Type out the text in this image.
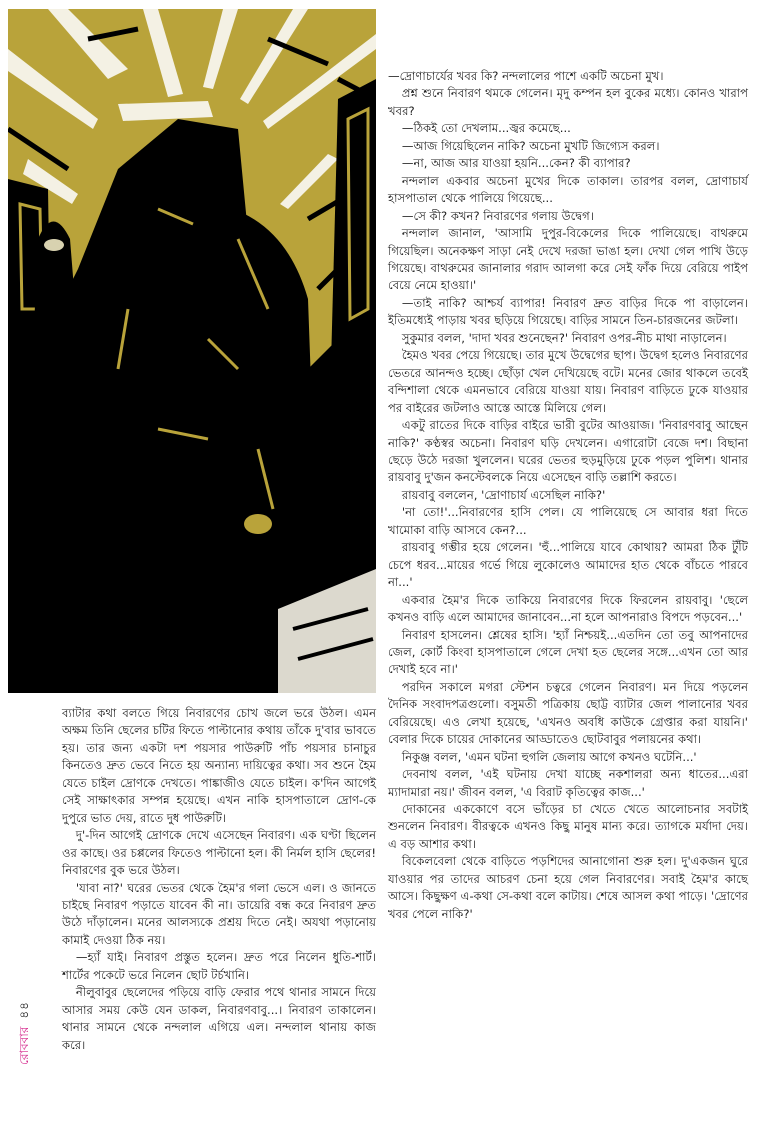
—দ্রোণাচার্যের খবর কি? নন্দলালের পাশে একটি অচেনা মুখ।

প্রশ্ন শুনে নিবারণ থমকে গেলেন। মৃদু কম্পন হল বুকের মধ্যে। কোনও খারাপ খবর?

—ঠিকই তো দেখলাম...জ্বর কমেছে...

—আজ গিয়েছিলেন নাকি? অচেনা মুখটি জিগ্যেস করল।

—না, আজ আর যাওয়া হয়নি...কেন? কী ব্যাপার?

নন্দলাল একবার অচেনা মুখের দিকে তাকাল। তারপর বলল, দ্রোণাচার্য হাসপাতাল থেকে পালিয়ে গিয়েছে...

—সে কী? কখন? নিবারণের গলায় উদ্বেগ।

নন্দলাল জানাল, 'আসামি দুপুর-বিকেলের দিকে পালিয়েছে। বাথরুমে গিয়েছিল। অনেকক্ষণ সাড়া নেই দেখে দরজা ভাঙা হল। দেখা গেল পাখি উড়ে গিয়েছে। বাথরুমের জানালার গরাদ আলগা করে সেই ফাঁক দিয়ে বেরিয়ে পাইপ বেয়ে নেমে হাওয়া।'

—তাই নাকি? আশ্চর্য ব্যাপার! নিবারণ দ্রুত বাড়ির দিকে পা বাড়ালেন। ইতিমধ্যেই পাড়ায় খবর ছড়িয়ে গিয়েছে। বাড়ির সামনে তিন-চারজনের জটলা।

সুকুমার বলল, 'দাদা খবর শুনেছেন?' নিবারণ ওপর-নীচ মাথা নাড়ালেন।

হৈমও খবর পেয়ে গিয়েছে। তার মুখে উদ্বেগের ছাপ। উদ্বেগ হলেও নিবারণের ভেতরে আনন্দও হচ্ছে। ছোঁড়া খেল দেখিয়েছে বটে। মনের জোর থাকলে তবেই বন্দিশালা থেকে এমনভাবে বেরিয়ে যাওয়া যায়। নিবারণ বাড়িতে ঢুকে যাওয়ার পর বাইরের জটলাও আস্তে আস্তে মিলিয়ে গেল।

একটু রাতের দিকে বাড়ির বাইরে ভারী বুটের আওয়াজ। 'নিবারণবাবু আছেন নাকি?' কণ্ঠস্বর অচেনা। নিবারণ ঘড়ি দেখলেন। এগারোটা বেজে দশ। বিছানা ছেড়ে উঠে দরজা খুললেন। ঘরের ভেতর হুড়মুড়িয়ে ঢুকে পড়ল পুলিশ। থানার রায়বাবু দু'জন কনস্টেবলকে নিয়ে এসেছেন বাড়ি তল্লাশি করতে।

রায়বাবু বললেন, 'দ্রোণাচার্য এসেছিল নাকি?'

'না তো!'...নিবারণের হাসি পেল। যে পালিয়েছে সে আবার ধরা দিতে খামোকা বাড়ি আসবে কেন?...

রায়বাবু গম্ভীর হয়ে গেলেন। 'হুঁ...পালিয়ে যাবে কোথায়? আমরা ঠিক টুঁটি চেপে ধরব...মায়ের গর্ভে গিয়ে লুকোলেও আমাদের হাত থেকে বাঁচতে পারবে না...'

একবার হৈম'র দিকে তাকিয়ে নিবারণের দিকে ফিরলেন রায়বাবু। 'ছেলে কখনও বাড়ি এলে আমাদের জানাবেন...না হলে আপনারাও বিপদে পড়বেন...'

নিবারণ হাসলেন। শ্লেষের হাসি। 'হ্যাঁ নিশ্চয়ই...এতদিন তো তবু আপনাদের জেল, কোর্ট কিংবা হাসপাতালে গেলে দেখা হত ছেলের সঙ্গে...এখন তো আর দেখাই হবে না।'

পরদিন সকালে মগরা স্টেশন চত্বরে গেলেন নিবারণ। মন দিয়ে পড়লেন দৈনিক সংবাদপত্রগুলো। বসুমতী পত্রিকায় ছোট্ট ব্যাটার জেল পালানোর খবর বেরিয়েছে। এও লেখা হয়েছে, 'এখনও অবধি কাউকে গ্রেপ্তার করা যায়নি।' বেলার দিকে চায়ের দোকানের আড্ডাতেও ছোটবাবুর পলায়নের কথা।

নিকুঞ্জ বলল, 'এমন ঘটনা হুগলি জেলায় আগে কখনও ঘটেনি...'

দেবনাথ বলল, 'এই ঘটনায় দেখা যাচ্ছে নকশালরা অন্য ধাতের...এরা ম্যাদামারা নয়।' জীবন বলল, 'এ বিরাট কৃতিত্বের কাজ...'

দোকানের এককোণে বসে ভাঁড়ের চা খেতে খেতে আলোচনার সবটাই শুনলেন নিবারণ। বীরত্বকে এখনও কিছু মানুষ মান্য করে। ত্যাগকে মর্যাদা দেয়। এ বড় আশার কথা।

বিকেলবেলা থেকে বাড়িতে পড়শিদের আনাগোনা শুরু হল। দু'একজন ঘুরে যাওয়ার পর তাদের আচরণ চেনা হয়ে গেল নিবারণের। সবাই হৈম'র কাছে আসে। কিছুক্ষণ এ-কথা সে-কথা বলে কাটায়। শেষে আসল কথা পাড়ে। 'দ্রোণের খবর পেলে নাকি?'

ব্যাটার কথা বলতে গিয়ে নিবারণের চোখ জলে ভরে উঠল। এমন অক্ষম তিনি ছেলের চটির ফিতে পাল্টানোর কথায় তাঁকে দু'বার ভাবতে হয়। তার জন্য একটা দশ পয়সার পাউরুটি পাঁচ পয়সার চানাচুর কিনতেও দ্রুত ভেবে নিতে হয় অন্যান্য দায়িত্বের কথা। সব শুনে হৈম যেতে চাইল দ্রোণকে দেখতে। পাঙ্কাজীও যেতে চাইল। ক'দিন আগেই সেই সাক্ষাৎকার সম্পন্ন হয়েছে। এখন নাকি হাসপাতালে দ্রোণ-কে দুপুরে ভাত দেয়, রাতে দুধ পাউরুটি।

দু'-দিন আগেই দ্রোণকে দেখে এসেছেন নিবারণ। এক ঘণ্টা ছিলেন ওর কাছে। ওর চপ্পলের ফিতেও পাল্টানো হল। কী নির্মল হাসি ছেলের! নিবারণের বুক ভরে উঠল।

'যাবা না?' ঘরের ভেতর থেকে হৈম'র গলা ভেসে এল। ও জানতে চাইছে নিবারণ পড়াতে যাবেন কী না। ডায়েরি বন্ধ করে নিবারণ দ্রুত উঠে দাঁড়ালেন। মনের আলস্যকে প্রশ্রয় দিতে নেই। অযথা পড়ানোয় কামাই দেওয়া ঠিক নয়।

—হ্যাঁ যাই। নিবারণ প্রস্তুত হলেন। দ্রুত পরে নিলেন ধুতি-শার্ট। শার্টের পকেটে ভরে নিলেন ছোট টর্চখানি।

নীলুবাবুর ছেলেদের পড়িয়ে বাড়ি ফেরার পথে থানার সামনে দিয়ে আসার সময় কেউ যেন ডাকল, নিবারণবাবু...। নিবারণ তাকালেন। থানার সামনে থেকে নন্দলাল এগিয়ে এল। নন্দলাল থানায় কাজ করে।

রোববার
৪৪
